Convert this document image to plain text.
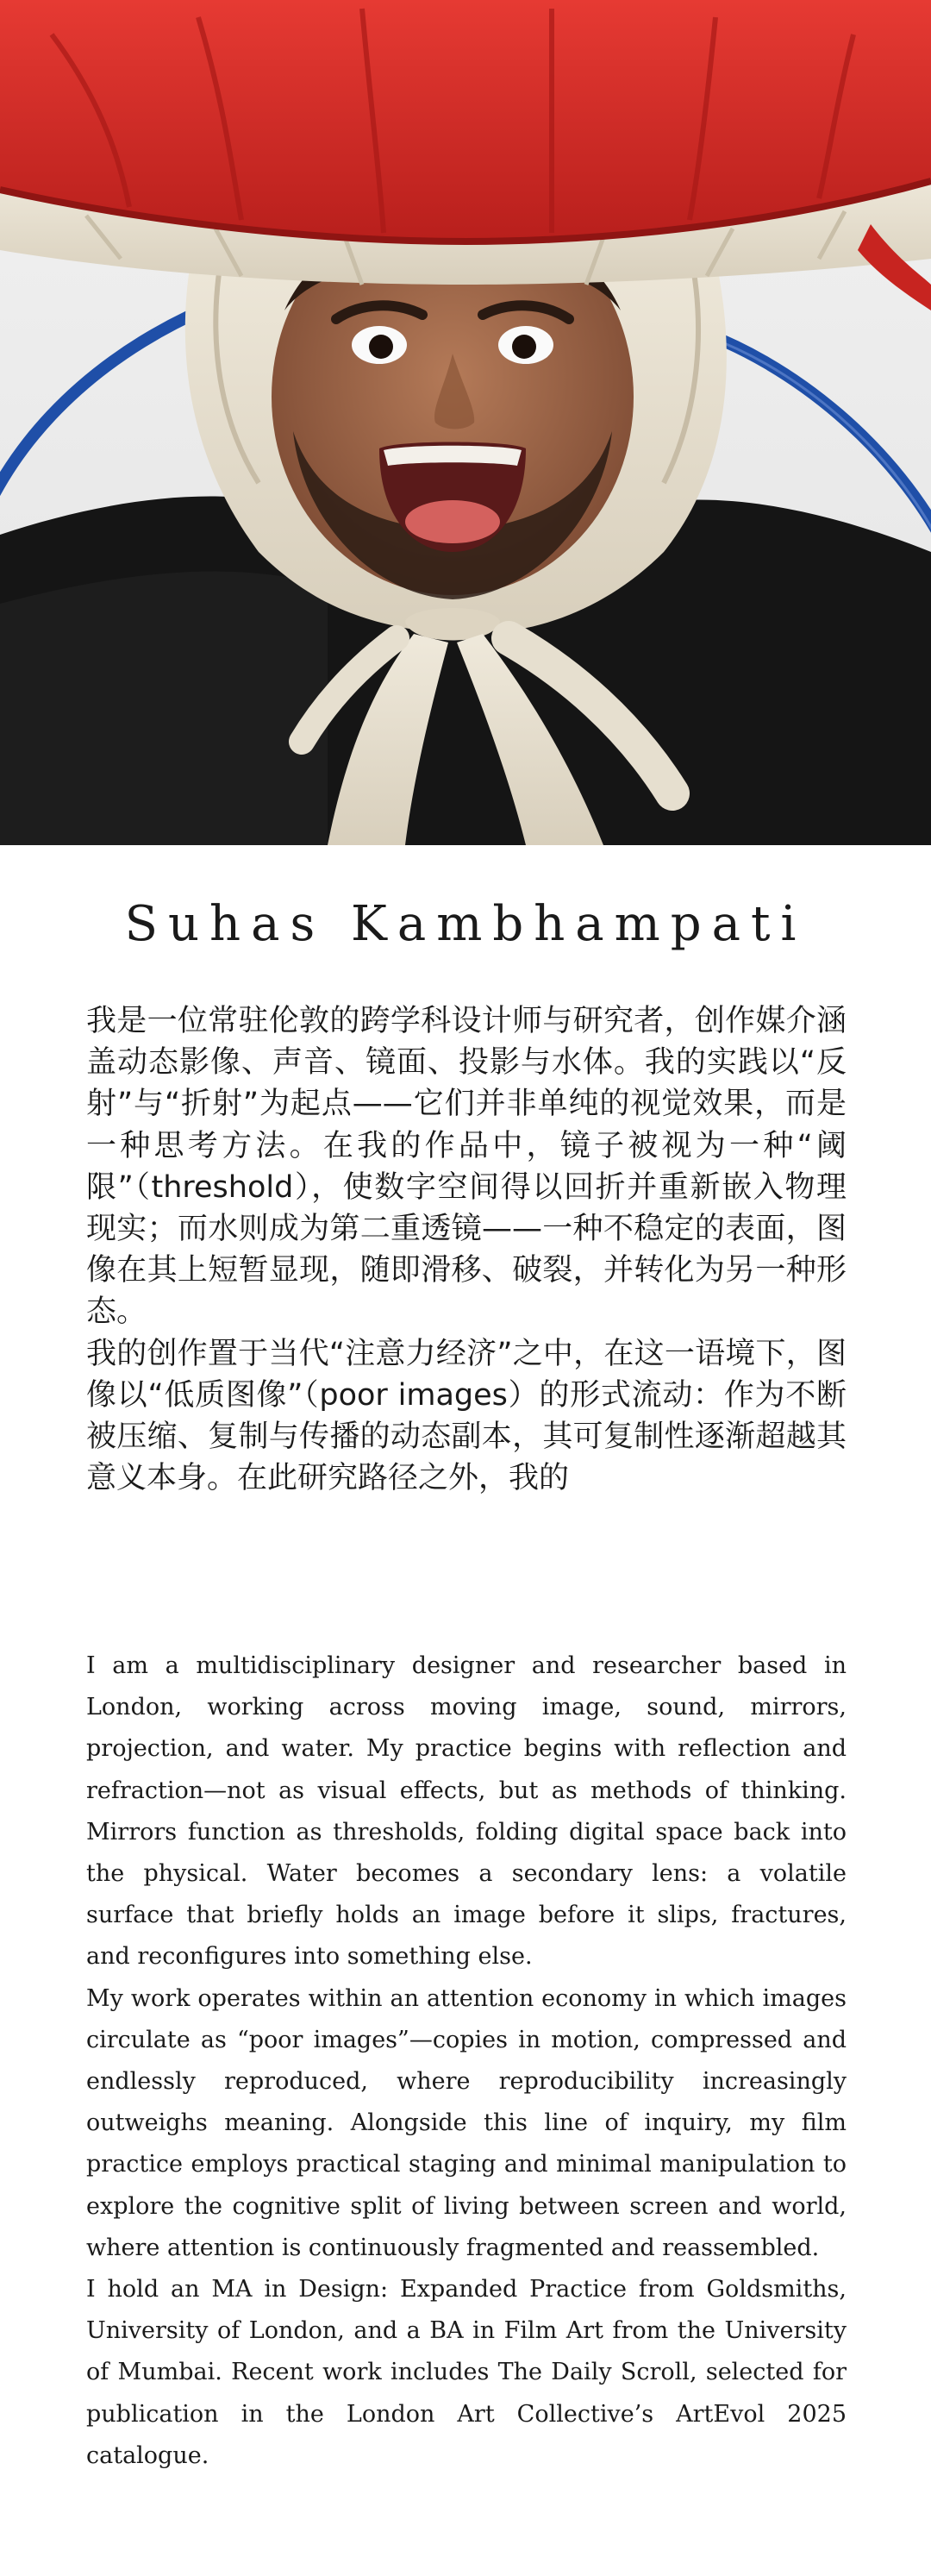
Suhas Kambhampati

我是一位常驻伦敦的跨学科设计师与研究者，创作媒介涵盖动态影像、声音、镜面、投影与水体。我的实践以“反射”与“折射”为起点——它们并非单纯的视觉效果，而是一种思考方法。在我的作品中，镜子被视为一种“阈限”（threshold），使数字空间得以回折并重新嵌入物理现实；而水则成为第二重透镜——一种不稳定的表面，图像在其上短暂显现，随即滑移、破裂，并转化为另一种形态。

我的创作置于当代“注意力经济”之中，在这一语境下，图像以“低质图像”（poor images）的形式流动：作为不断被压缩、复制与传播的动态副本，其可复制性逐渐超越其意义本身。在此研究路径之外，我的

I am a multidisciplinary designer and researcher based in London, working across moving image, sound, mirrors, projection, and water. My practice begins with reflection and refraction—not as visual effects, but as methods of thinking. Mirrors function as thresholds, folding digital space back into the physical. Water becomes a secondary lens: a volatile surface that briefly holds an image before it slips, fractures, and reconfigures into something else.

My work operates within an attention economy in which images circulate as “poor images”—copies in motion, compressed and endlessly reproduced, where reproducibility increasingly outweighs meaning. Alongside this line of inquiry, my film practice employs practical staging and minimal manipulation to explore the cognitive split of living between screen and world, where attention is continuously fragmented and reassembled.

I hold an MA in Design: Expanded Practice from Goldsmiths, University of London, and a BA in Film Art from the University of Mumbai. Recent work includes The Daily Scroll, selected for publication in the London Art Collective’s ArtEvol 2025 catalogue.
